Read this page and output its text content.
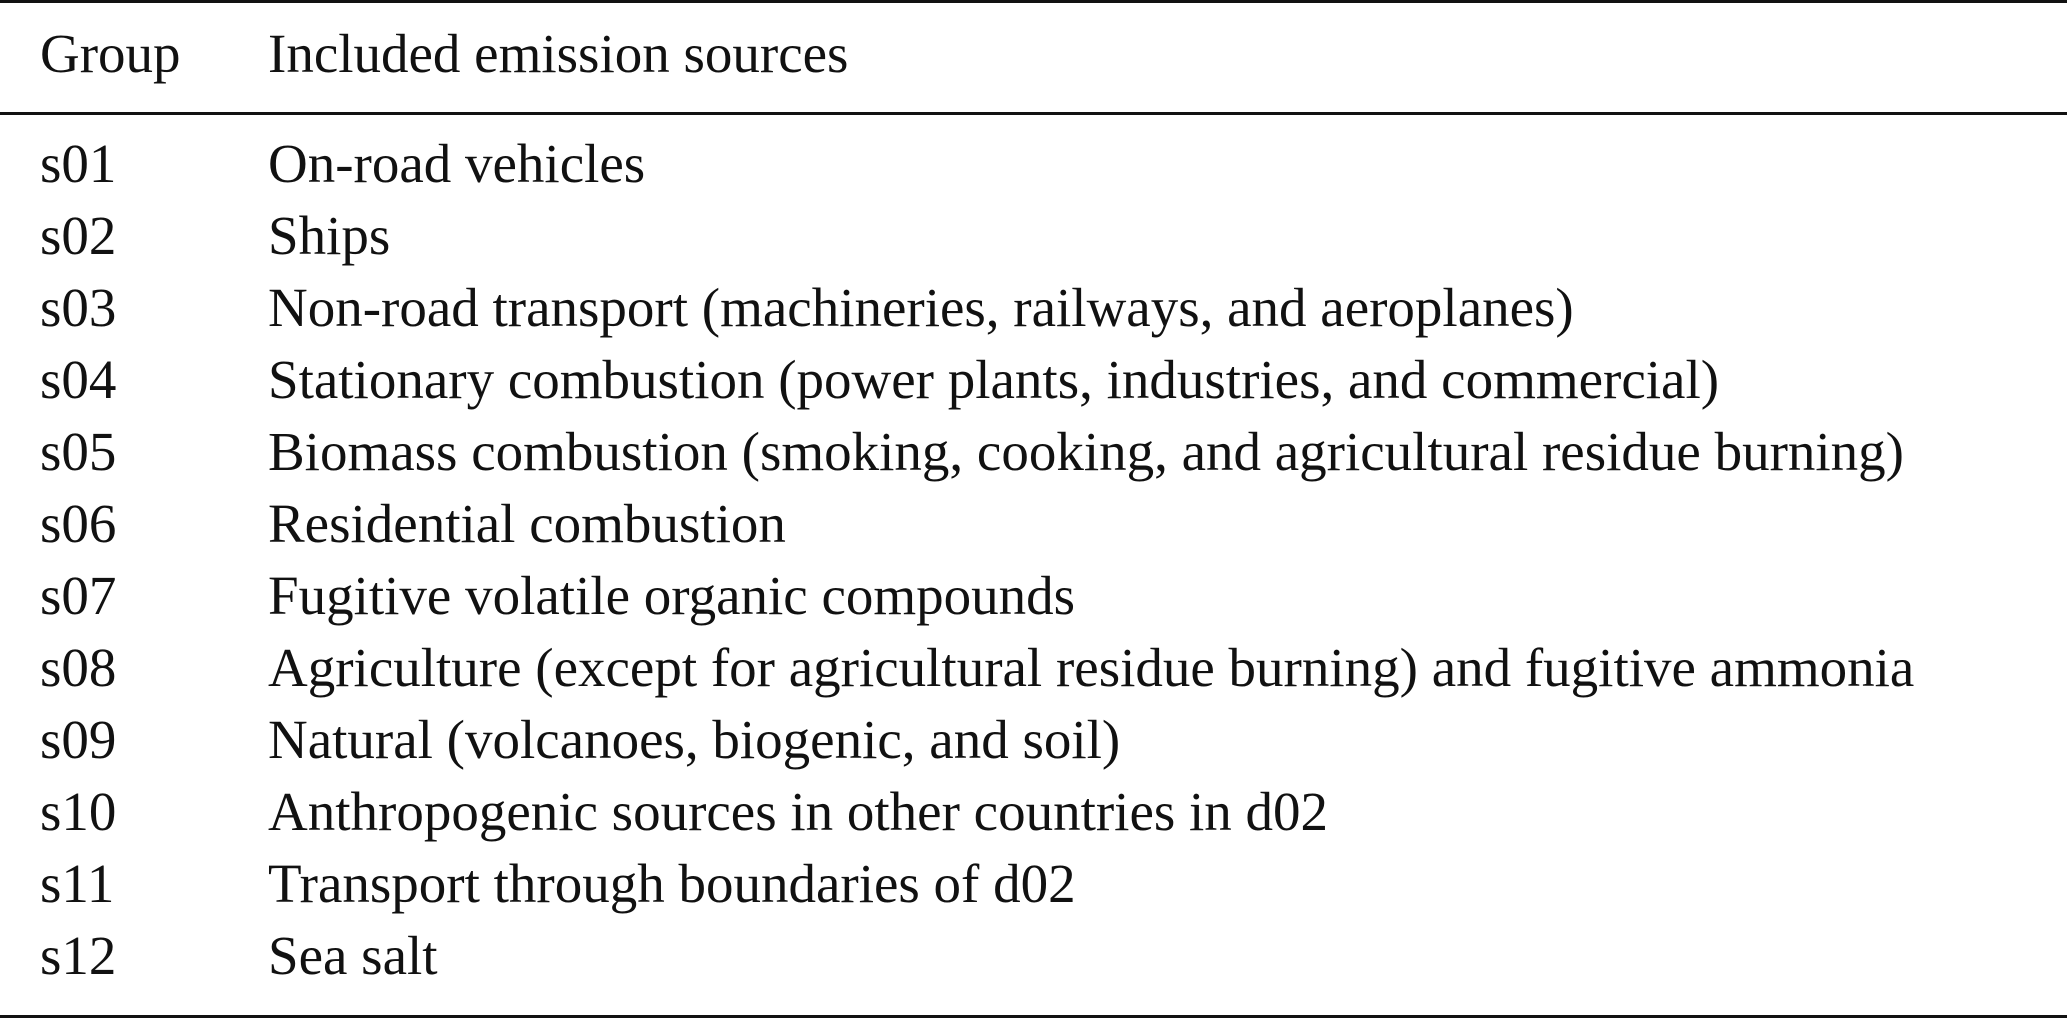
Group Included emission sources
s01	On-road vehicles
s02	Ships
s03	Non-road transport (machineries, railways, and aeroplanes)
s04	Stationary combustion (power plants, industries, and commercial)
s05	Biomass combustion (smoking, cooking, and agricultural residue burning)
s06	Residential combustion
s07	Fugitive volatile organic compounds
s08	Agriculture (except for agricultural residue burning) and fugitive ammonia
s09	Natural (volcanoes, biogenic, and soil)
s10	Anthropogenic sources in other countries in d02
s11	Transport through boundaries of d02
s12	Sea salt
